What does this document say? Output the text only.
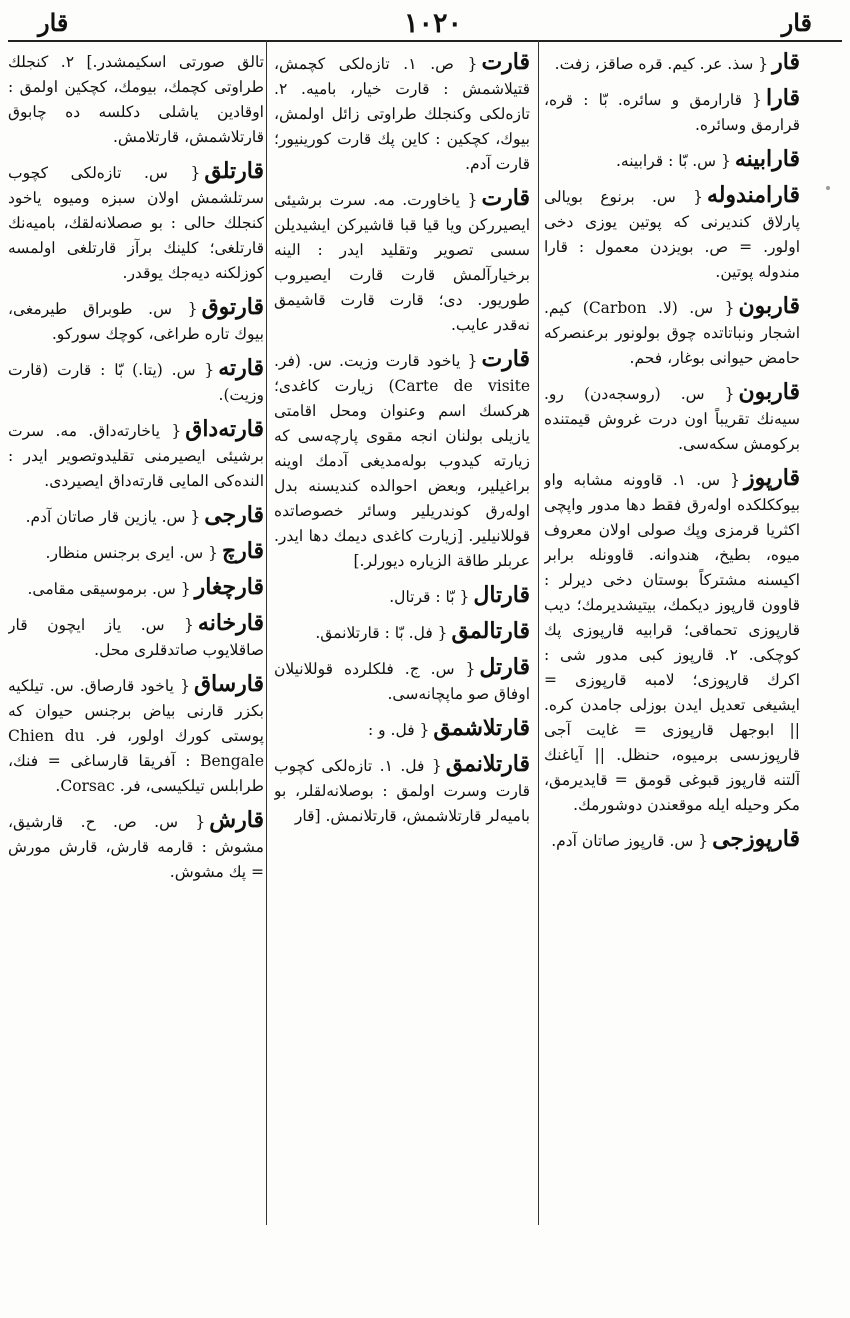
قار	١٠٢٠	قار

قار{ سذ. عر. كيم. قره صاقز، زفت.

قارا{ قارارمق و سائره. بّا : قره، قرارمق وسائره.

قارابينه{ س. بّا : قرابينه.

قارامندوله{ س. برنوع بويالى پارلاق كنديرنى كه پوتين يوزى دخى اولور. = ص. بويزدن معمول : قارا مندوله پوتين.

قاربون{ س. (لا. Carbon) كيم. اشجار ونباتاتده چوق بولونور برعنصركه حامض حيوانى بوغار، فحم.

قاربون{ س. (روسجه‌دن) رو. سيه‌نك تقريباً اون درت غروش قيمتنده بركومش سكه‌سى.

قارپوز{ س. ١. قاوونه مشابه واو بيوككلكده اوله‌رق فقط دها مدور واپچى اكثريا قرمزى وپك صولى اولان معروف ميوه، بطيخ، هندوانه. قاوونله برابر اكيسنه مشتركاً بوستان دخى ديرلر : قاوون قارپوز ديكمك، بيتيشديرمك؛ ديب قارپوزى تحماقى؛ قرابيه قارپوزى پك كوچكى. ٢. قارپوز كبى مدور شى : اكرك قارپوزى؛ لامبه قارپوزى = ايشيغى تعديل ايدن بوزلى جامدن كره. || ابوجهل قارپوزى = غايت آجى قارپوزىسى برميوه، حنظل. || آياغنك آلتنه قارپوز قبوغى قومق = قايديرمق، مكر وحيله ايله موقعندن دوشورمك.

قارپوزجى{ س. قارپوز صاتان آدم.

قارت{ ص. ١. تازه‌لكى كچمش، قتيلاشمش : قارت خيار، باميه. ٢. تازه‌لكى وكنجلك طراوتى زائل اولمش، بيوك، كچكين : كاين پك قارت كورينيور؛ قارت آدم.

قارت{ ياخاورت. مه. سرت برشيئى ايصيرركن ويا قيا قبا قاشيركن ايشيديلن سسى تصوير وتقليد ايدر : الينه برخيارآلمش قارت قارت ايصيروب طوريور. دى؛ قارت قارت قاشيمق نه‌قدر عايب.

قارت{ ياخود قارت وزيت. س. (فر. Carte de visite) زيارت كاغدى؛ هركسك اسم وعنوان ومحل اقامتى يازيلى بولنان انجه مقوى پارچه‌سى كه زيارته كيدوب بوله‌مديغى آدمك اوينه براغيلير، وبعض احوالده كنديسنه بدل اوله‌رق كوندريلير وسائر خصوصاتده قوللانيلير. [زيارت كاغدى ديمك دها ايدر. عربلر طاقة الزياره ديورلر.]

قارتال{ بّا : قرتال.

قارتالمق{ فل. بّا : قارتلانمق.

قارتل{ س. ج. فلكلرده قوللانيلان اوفاق صو ماپچانه‌سى.

قارتلاشمق{ فل. و :

قارتلانمق{ فل. ١. تازه‌لكى كچوب قارت وسرت اولمق : بوصلانه‌لقلر، بو باميه‌لر قارتلاشمش، قارتلانمش. [قار

تالق صورتى اسكيمشدر.] ٢. كنجلك طراوتى كچمك، بيومك، كچكين اولمق : اوقادين ياشلى دكلسه ده چابوق قارتلاشمش، قارتلامش.

قارتلق{ س. تازه‌لكى كچوب سرتلشمش اولان سبزه وميوه ياخود كنجلك حالى : بو صصلانه‌لقك، باميه‌نك قارتلغى؛ كلينك برآز قارتلغى اولمسه كوزلكنه ديه‌جك يوقدر.

قارتوق{ س. طوبراق طيرمغى، بيوك تاره طراغى، كوچك سوركو.

قارته{ س. (يتا.) بّا : قارت (قارت وزيت).

قارته‌داق{ ياخارته‌داق. مه. سرت برشيئى ايصيرمنى تقليدوتصوير ايدر : الندەكى المايى قارته‌داق ايصيردى.

قارجى{ س. يازين قار صاتان آدم.

قارچ{ س. ايرى برجنس منظار.

قارچغار{ س. برموسيقى مقامى.

قارخانه{ س. ياز ايچون قار صاقلايوب صاتدقلرى محل.

قارساق{ ياخود قارصاق. س. تيلكيه بكزر قارنى بياض برجنس حيوان كه پوستى كورك اولور، فر. Chien du Bengale : آفريقا قارساغى = فنك، طرابلس تيلكيسى، فر. Corsac.

قارش{ س. ص. ح. قارشيق، مشوش : قارمه قارش، قارش مورش = پك مشوش.
